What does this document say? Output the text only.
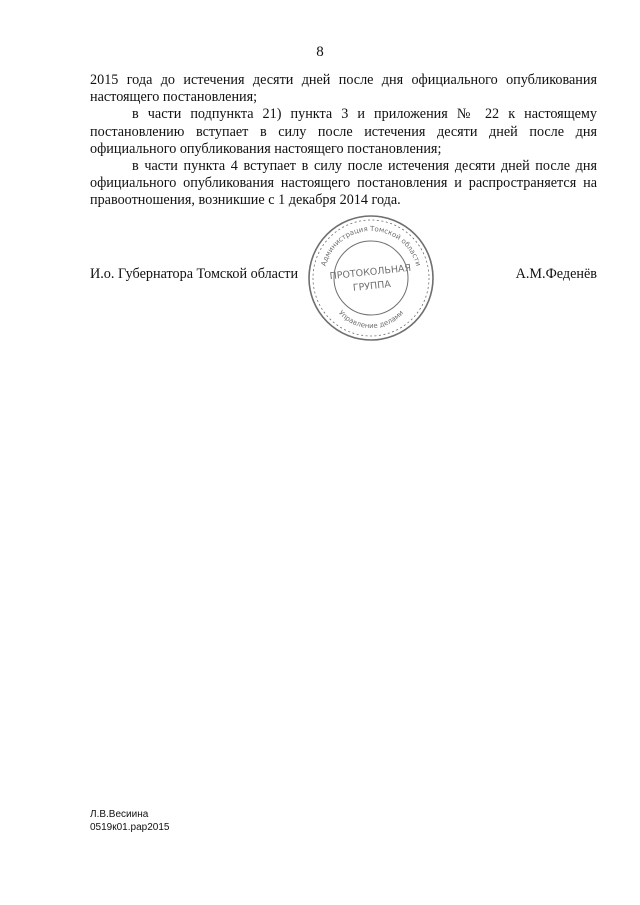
8

2015 года до истечения десяти дней после дня официального опубликования настоящего постановления;

в части подпункта 21) пункта 3 и приложения № 22 к настоящему постановлению вступает в силу после истечения десяти дней после дня официального опубликования настоящего постановления;

в части пункта 4 вступает в силу после истечения десяти дней после дня официального опубликования настоящего постановления и распространяется на правоотношения, возникшие с 1 декабря 2014 года.

И.о. Губернатора Томской области	А.М.Феденёв
Администрация Томской области
Управление делами
ПРОТОКОЛЬНАЯ
ГРУППА
Л.В.Весиина
0519к01.рар2015
